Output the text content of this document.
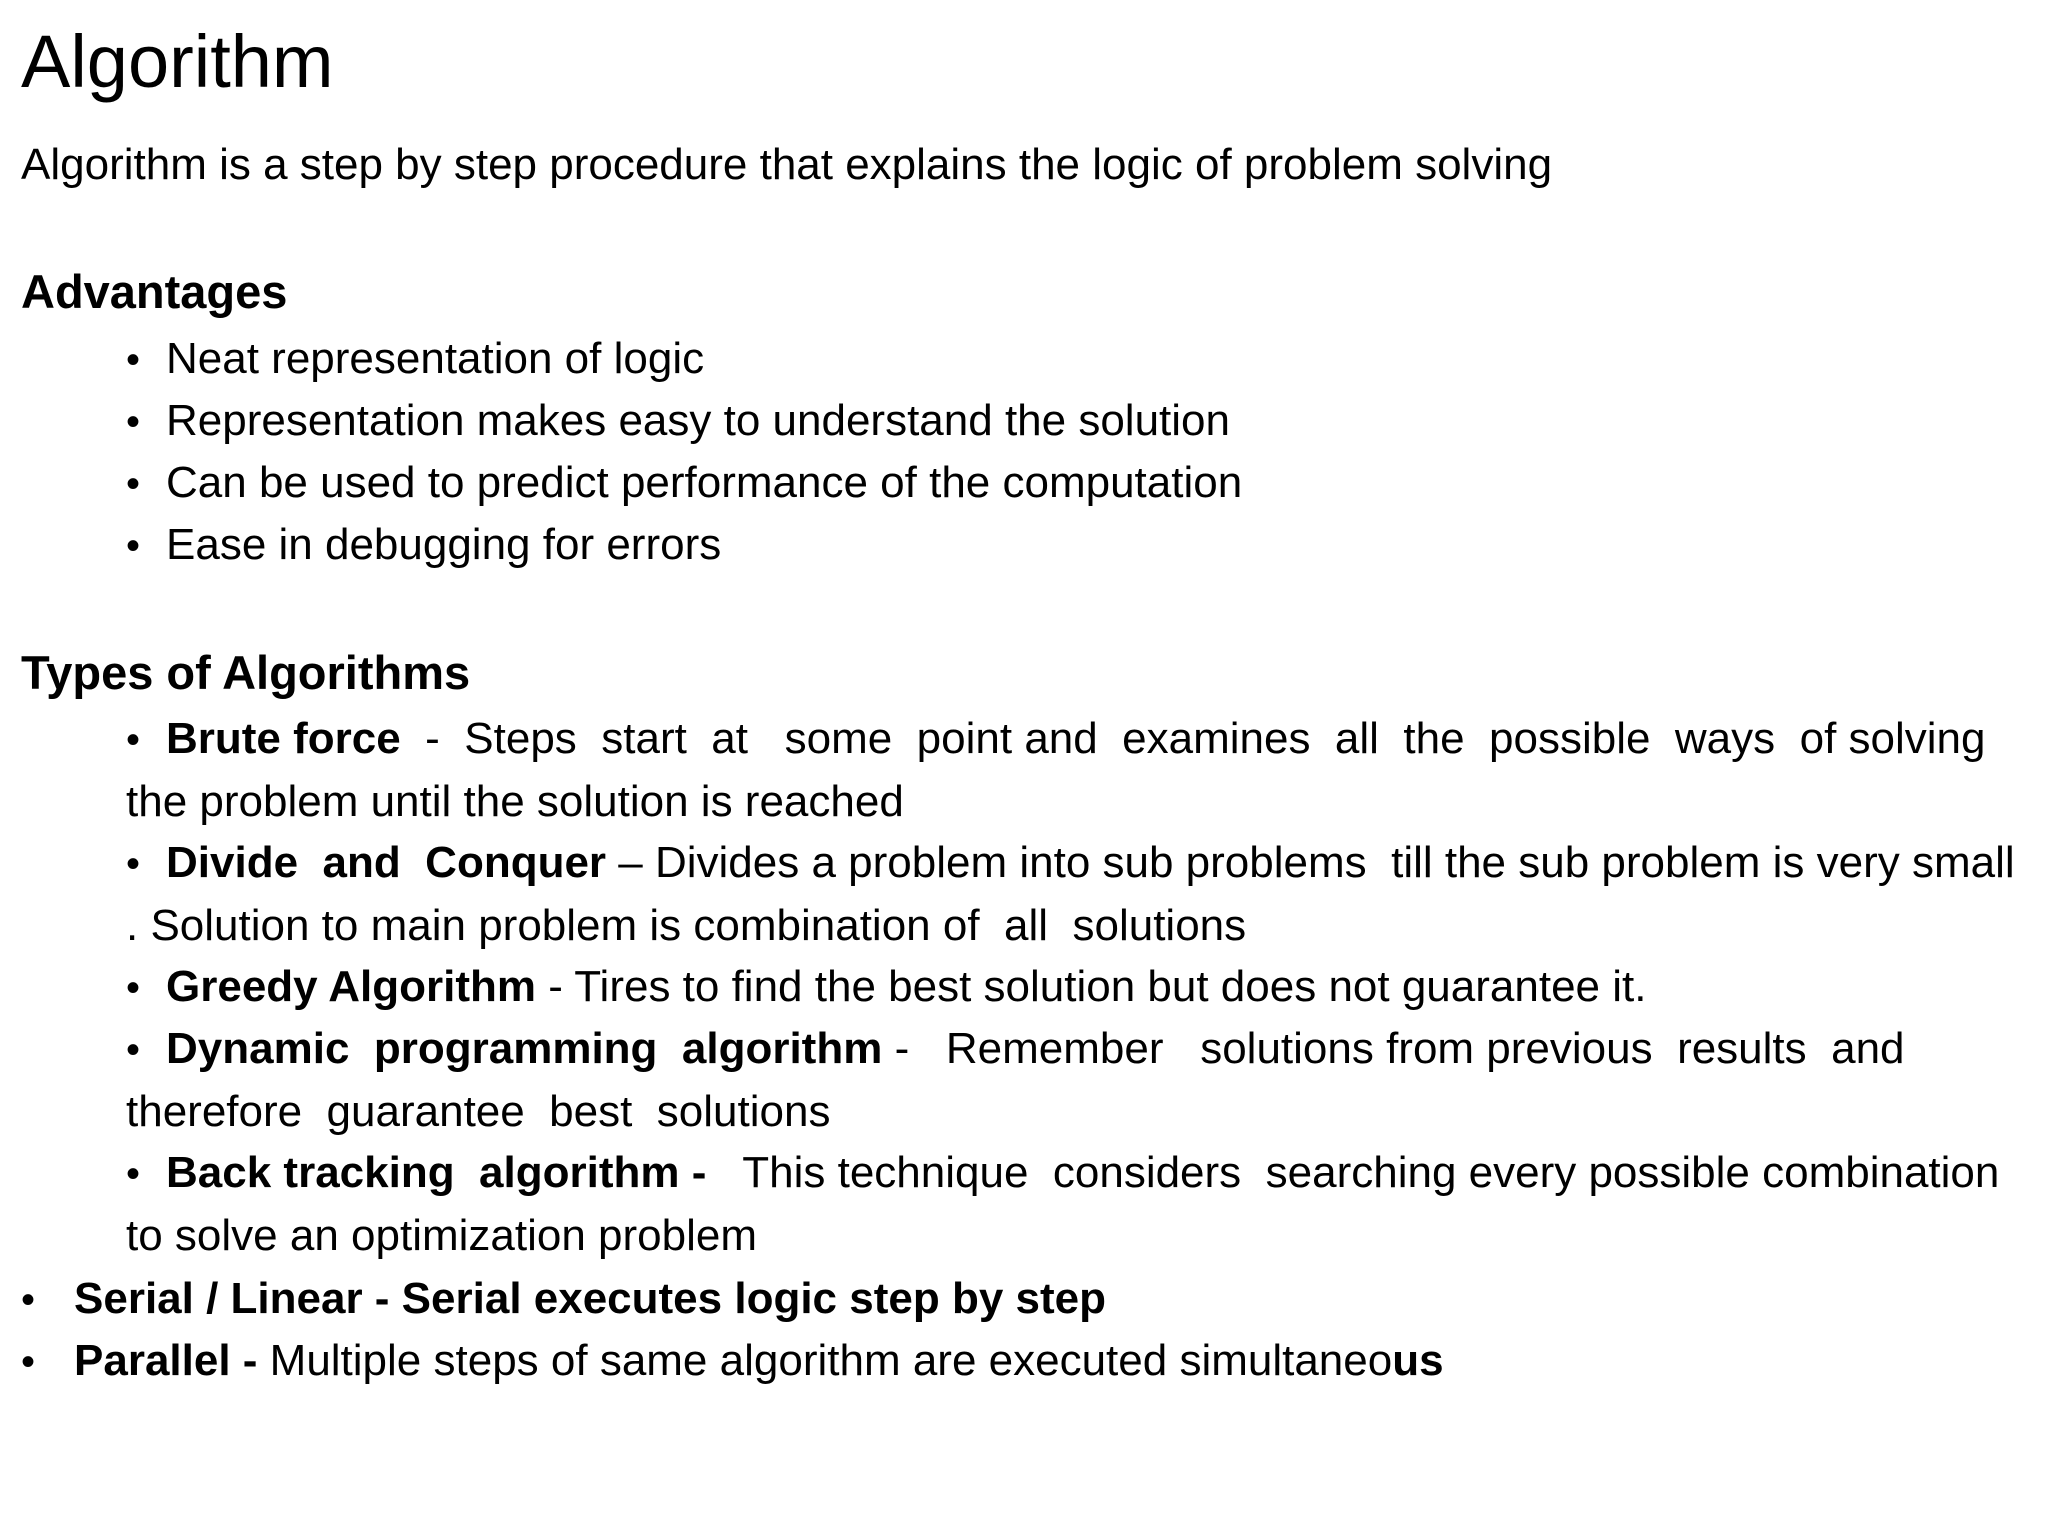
Algorithm

Algorithm is a step by step procedure that explains the logic of problem solving

Advantages
• Neat representation of logic
• Representation makes easy to understand the solution
• Can be used to predict performance of the computation
• Ease in debugging for errors
Types of Algorithms
• Brute force  -  Steps  start  at   some  point and  examines  all  the  possible  ways  of solving the problem until the solution is reached
• Divide  and  Conquer – Divides a problem into sub problems  till the sub problem is very small . Solution to main problem is combination of  all  solutions
• Greedy Algorithm - Tires to find the best solution but does not guarantee it.
• Dynamic  programming  algorithm -   Remember   solutions from previous  results  and therefore  guarantee  best  solutions
• Back tracking  algorithm - This technique  considers  searching every possible combination  to solve an optimization problem
• Serial / Linear - Serial executes logic step by step
• Parallel - Multiple steps of same algorithm are executed simultaneous
